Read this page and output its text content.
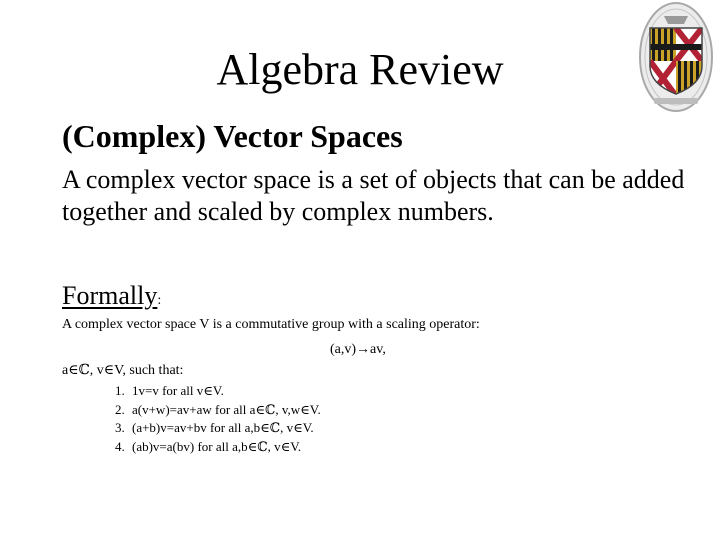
Algebra Review
(Complex) Vector Spaces
A complex vector space is a set of objects that can be added together and scaled by complex numbers.
Formally:
A complex vector space V is a commutative group with a scaling operator:
(a,v)→av,
a∈ℂ, v∈V, such that:
1. 1v=v for all v∈V.
2. a(v+w)=av+aw for all a∈ℂ, v,w∈V.
3. (a+b)v=av+bv for all a,b∈ℂ, v∈V.
4. (ab)v=a(bv) for all a,b∈ℂ, v∈V.
